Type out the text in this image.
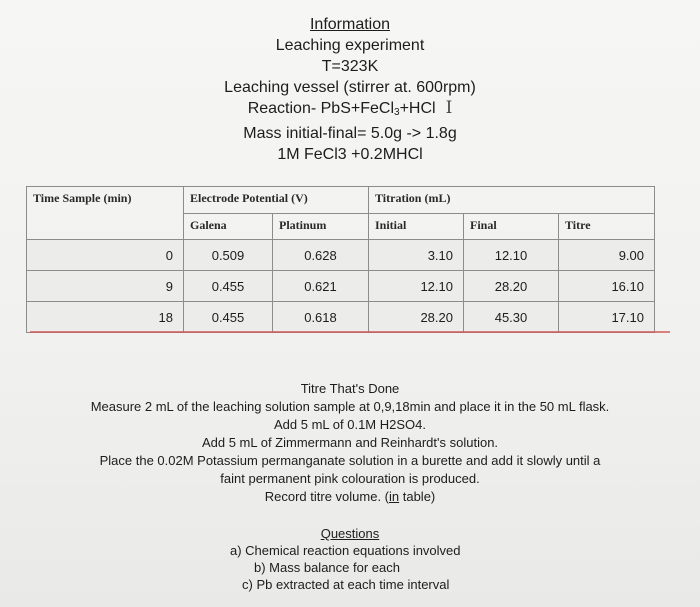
Information
Leaching experiment
T=323K
Leaching vessel (stirrer at. 600rpm)
Reaction- PbS+FeCl$_3$+HCl I
Mass initial-final= 5.0g -> 1.8g
1M FeCl3 +0.2MHCl
Time Sample (min)	Electrode Potential (V)		Titration (mL)		
	Galena	Platinum	Initial	Final	Titre
0	0.509	0.628	3.10	12.10	9.00
9	0.455	0.621	12.10	28.20	16.10
18	0.455	0.618	28.20	45.30	17.10
Titre That's Done
Measure 2 mL of the leaching solution sample at 0,9,18min and place it in the 50 mL flask.
Add 5 mL of 0.1M H2SO4.
Add 5 mL of Zimmermann and Reinhardt's solution.
Place the 0.02M Potassium permanganate solution in a burette and add it slowly until a
faint permanent pink colouration is produced.
Record titre volume. (in table)
Questions
a) Chemical reaction equations involved
b) Mass balance for each
c) Pb extracted at each time interval
